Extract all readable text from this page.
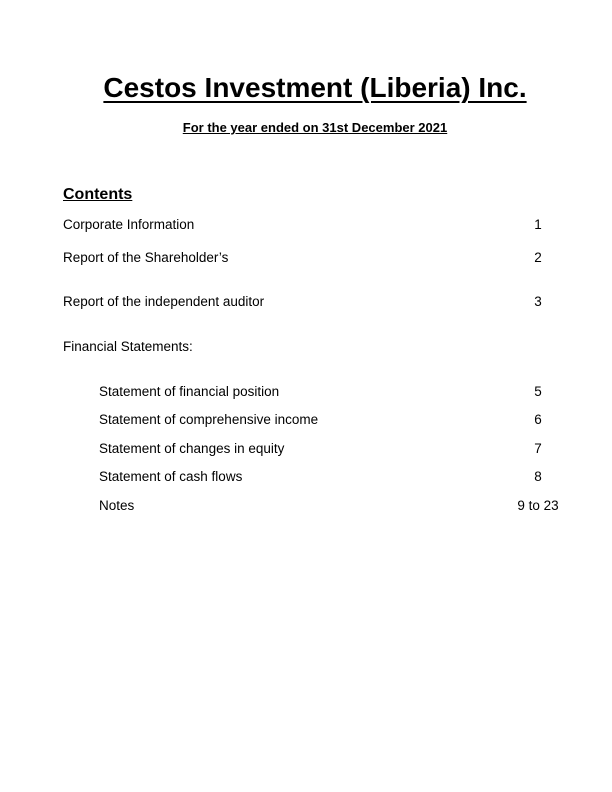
Cestos Investment (Liberia) Inc.

For the year ended on 31st December 2021

Contents
Corporate Information	1
Report of the Shareholder’s	2
Report of the independent auditor	3
Financial Statements:
Statement of financial position	5
Statement of comprehensive income	6
Statement of changes in equity	7
Statement of cash flows	8
Notes	9 to 23
